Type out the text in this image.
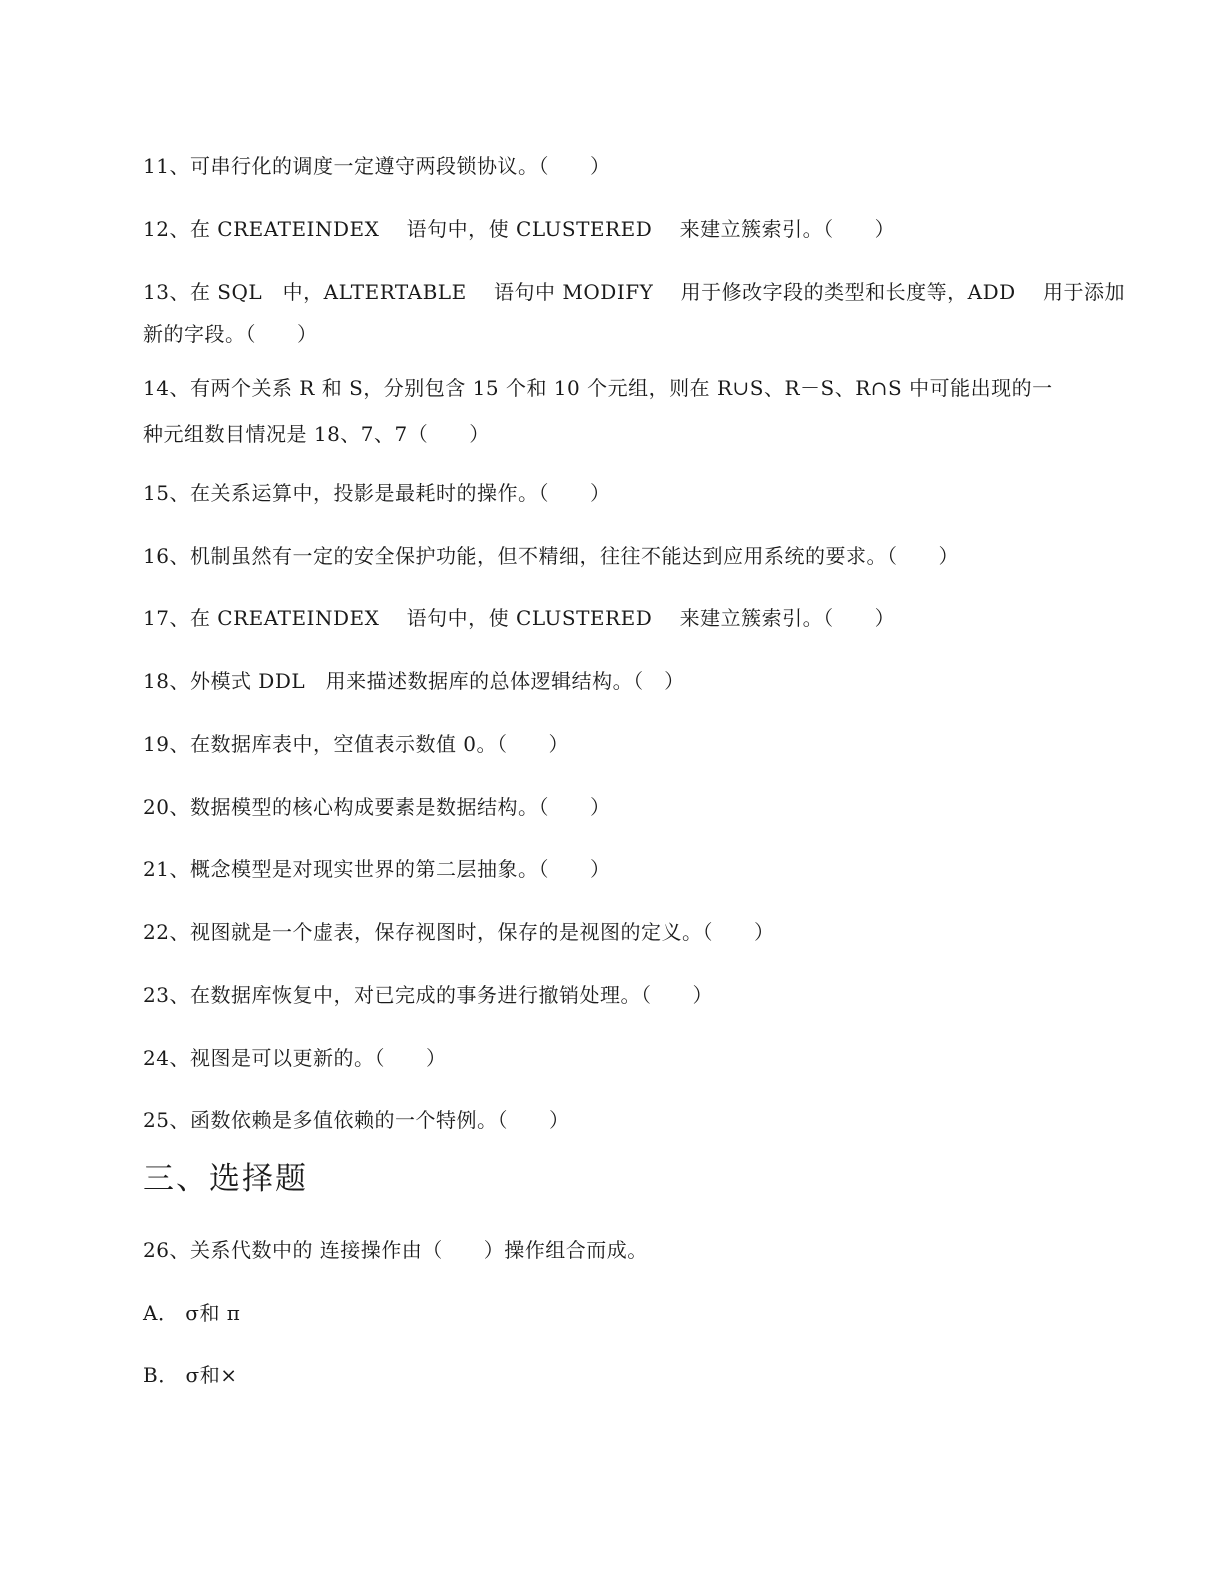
11、可串行化的调度一定遵守两段锁协议。（　　）
12、在 CREATEINDEX　 语句中，使 CLUSTERED　 来建立簇索引。（　　）
13、在 SQL　中，ALTERTABLE　 语句中 MODIFY　 用于修改字段的类型和长度等，ADD　 用于添加
新的字段。（　　）
14、有两个关系 R 和 S，分别包含 15 个和 10 个元组，则在 R∪S、R－S、R∩S 中可能出现的一
种元组数目情况是 18、7、7（　　）
15、在关系运算中，投影是最耗时的操作。（　　）
16、机制虽然有一定的安全保护功能，但不精细，往往不能达到应用系统的要求。（　　）
17、在 CREATEINDEX　 语句中，使 CLUSTERED　 来建立簇索引。（　　）
18、外模式 DDL　用来描述数据库的总体逻辑结构。（　）
19、在数据库表中，空值表示数值 0。（　　）
20、数据模型的核心构成要素是数据结构。（　　）
21、概念模型是对现实世界的第二层抽象。（　　）
22、视图就是一个虚表，保存视图时，保存的是视图的定义。（　　）
23、在数据库恢复中，对已完成的事务进行撤销处理。（　　）
24、视图是可以更新的。（　　）
25、函数依赖是多值依赖的一个特例。（　　）
三、选择题
26、关系代数中的 连接操作由（　　）操作组合而成。
A． σ和 π
B． σ和×
